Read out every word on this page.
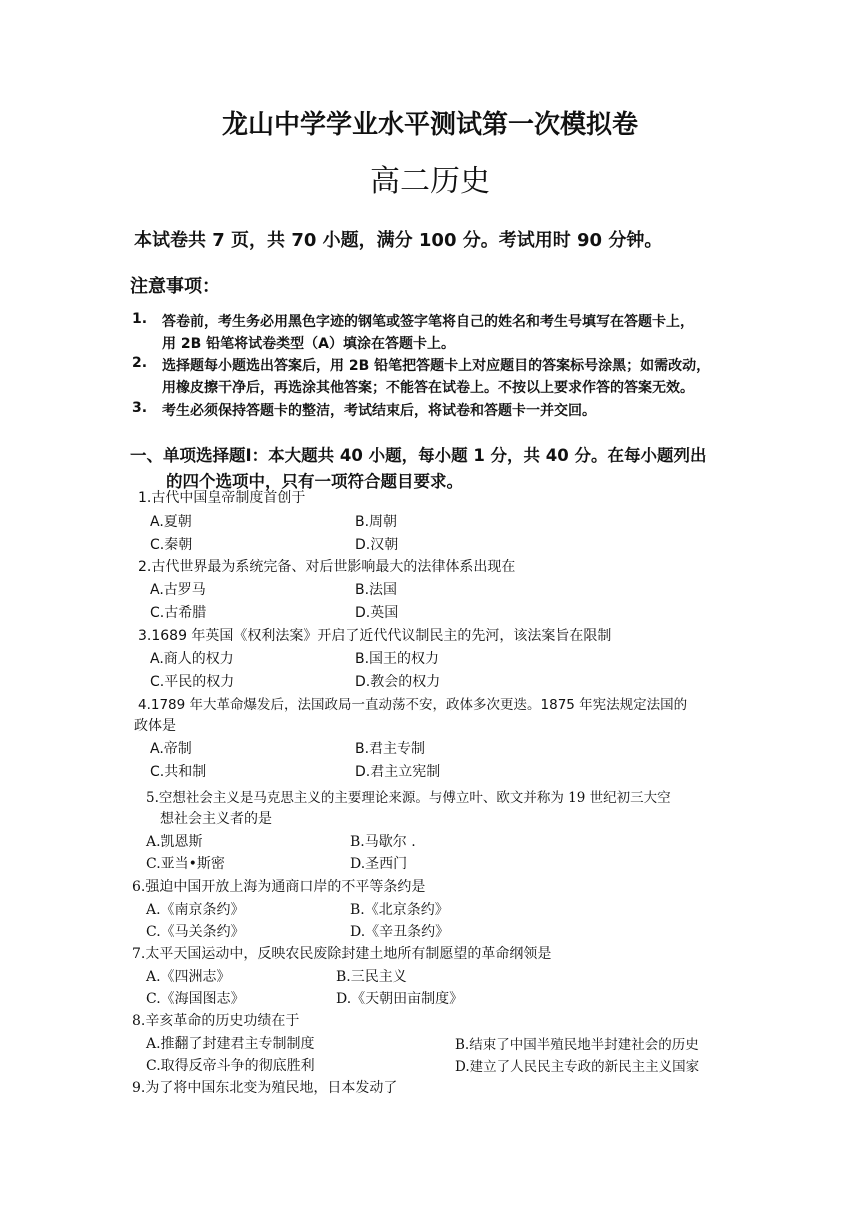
龙山中学学业水平测试第一次模拟卷
高二历史
本试卷共 7 页，共 70 小题，满分 100 分。考试用时 90 分钟。
注意事项：
1. 答卷前，考生务必用黑色字迹的钢笔或签字笔将自己的姓名和考生号填写在答题卡上，
用 2B 铅笔将试卷类型（A）填涂在答题卡上。
2. 选择题每小题选出答案后，用 2B 铅笔把答题卡上对应题目的答案标号涂黑；如需改动，
用橡皮擦干净后，再选涂其他答案；不能答在试卷上。不按以上要求作答的答案无效。
3. 考生必须保持答题卡的整洁，考试结束后，将试卷和答题卡一并交回。
一、单项选择题Ⅰ：本大题共 40 小题，每小题 1 分，共 40 分。在每小题列出
的四个选项中，只有一项符合题目要求。
1.古代中国皇帝制度首创于
A.夏朝	B.周朝
C.秦朝	D.汉朝
2.古代世界最为系统完备、对后世影响最大的法律体系出现在
A.古罗马	B.法国
C.古希腊	D.英国
3.1689 年英国《权利法案》开启了近代代议制民主的先河，该法案旨在限制
A.商人的权力	B.国王的权力
C.平民的权力	D.教会的权力
4.1789 年大革命爆发后，法国政局一直动荡不安，政体多次更迭。1875 年宪法规定法国的
政体是
A.帝制	B.君主专制
C.共和制	D.君主立宪制
5.空想社会主义是马克思主义的主要理论来源。与傅立叶、欧文并称为 19 世纪初三大空
想社会主义者的是
A.凯恩斯	B.马歇尔 .
C.亚当•斯密	D.圣西门
6.强迫中国开放上海为通商口岸的不平等条约是
A.《南京条约》	B.《北京条约》
C.《马关条约》	D.《辛丑条约》
7.太平天国运动中，反映农民废除封建土地所有制愿望的革命纲领是
A.《四洲志》	B.三民主义
C.《海国图志》	D.《天朝田亩制度》
8.辛亥革命的历史功绩在于
A.推翻了封建君主专制制度	B.结束了中国半殖民地半封建社会的历史
C.取得反帝斗争的彻底胜利	D.建立了人民民主专政的新民主主义国家
9.为了将中国东北变为殖民地，日本发动了
